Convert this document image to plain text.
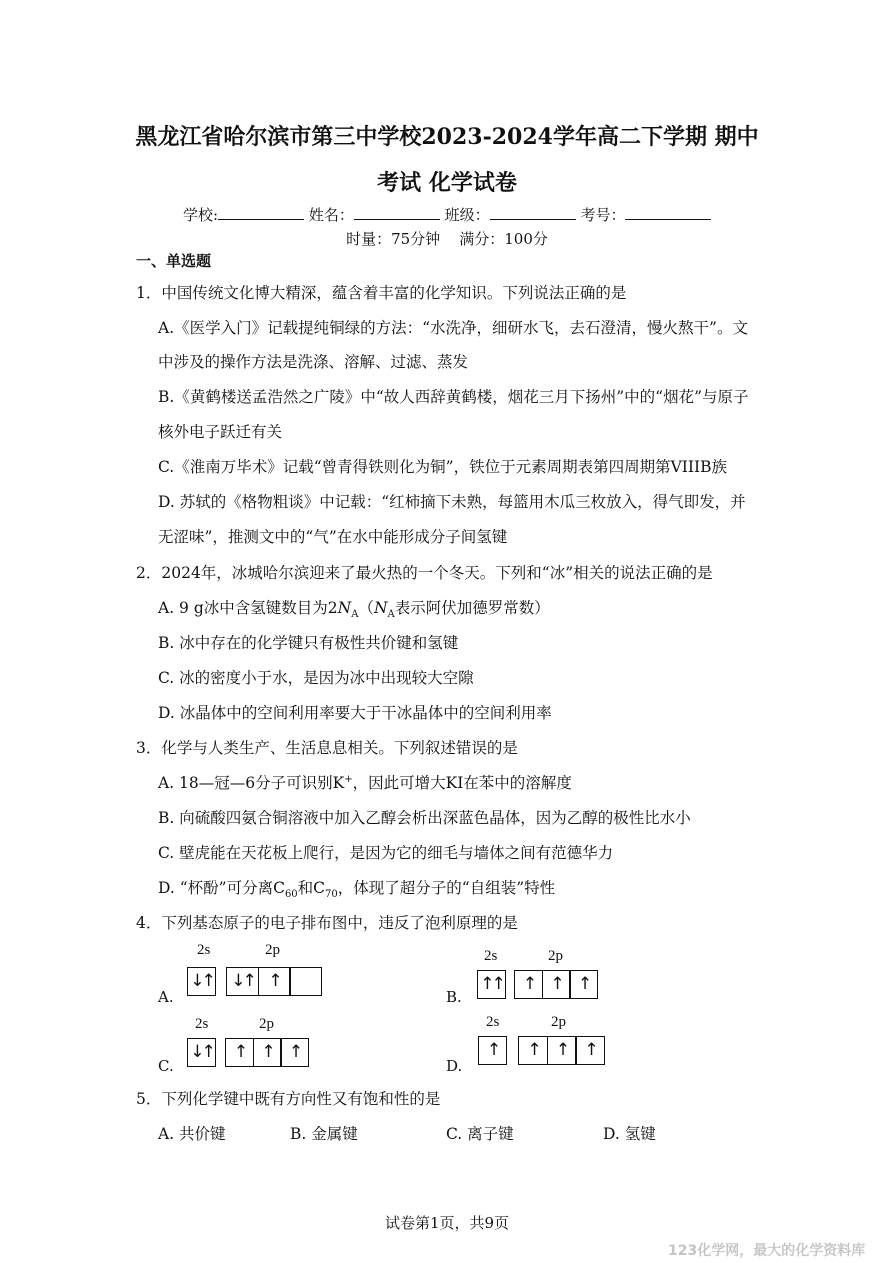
黑龙江省哈尔滨市第三中学校2023-2024学年高二下学期 期中
考试 化学试卷
学校:	姓名：	班级：	考号：
时量：75分钟    满分：100分
一、单选题
1．中国传统文化博大精深，蕴含着丰富的化学知识。下列说法正确的是
A.《医学入门》记载提纯铜绿的方法：“水洗净，细研水飞，去石澄清，慢火熬干”。文
中涉及的操作方法是洗涤、溶解、过滤、蒸发
B.《黄鹤楼送孟浩然之广陵》中“故人西辞黄鹤楼，烟花三月下扬州”中的“烟花”与原子
核外电子跃迁有关
C.《淮南万毕术》记载“曾青得铁则化为铜”，铁位于元素周期表第四周期第VIIIB族
D. 苏轼的《格物粗谈》中记载：“红柿摘下未熟，每篮用木瓜三枚放入，得气即发，并
无涩味”，推测文中的“气”在水中能形成分子间氢键
2．2024年，冰城哈尔滨迎来了最火热的一个冬天。下列和“冰”相关的说法正确的是
A. 9 g冰中含氢键数目为$2N_A(N_A$表示阿伏加德罗常数）
B. 冰中存在的化学键只有极性共价键和氢键
C. 冰的密度小于水，是因为冰中出现较大空隙
D. 冰晶体中的空间利用率要大于干冰晶体中的空间利用率
3．化学与人类生产、生活息息相关。下列叙述错误的是
A. 18—冠—6分子可识别K+，因此可增大KI在苯中的溶解度
B. 向硫酸四氨合铜溶液中加入乙醇会析出深蓝色晶体，因为乙醇的极性比水小
C. 壁虎能在天花板上爬行，是因为它的细毛与墙体之间有范德华力
D. “杯酚”可分离$C_{60}$和$C_{70}$，体现了超分子的“自组装”特性
4．下列基态原子的电子排布图中，违反了泡利原理的是
2s	2p
↓↑	↓↑ ↑
A.
2s	2p
↑↑	↑ ↑ ↑
B.
2s	2p
↓↑	↑ ↑ ↑
C.
2s	2p
↑	↑	↑	↑
D.
5．下列化学键中既有方向性又有饱和性的是
A. 共价键	B. 金属键	C. 离子键	D. 氢键
试卷第1页，共9页
123化学网，最大的化学资料库
